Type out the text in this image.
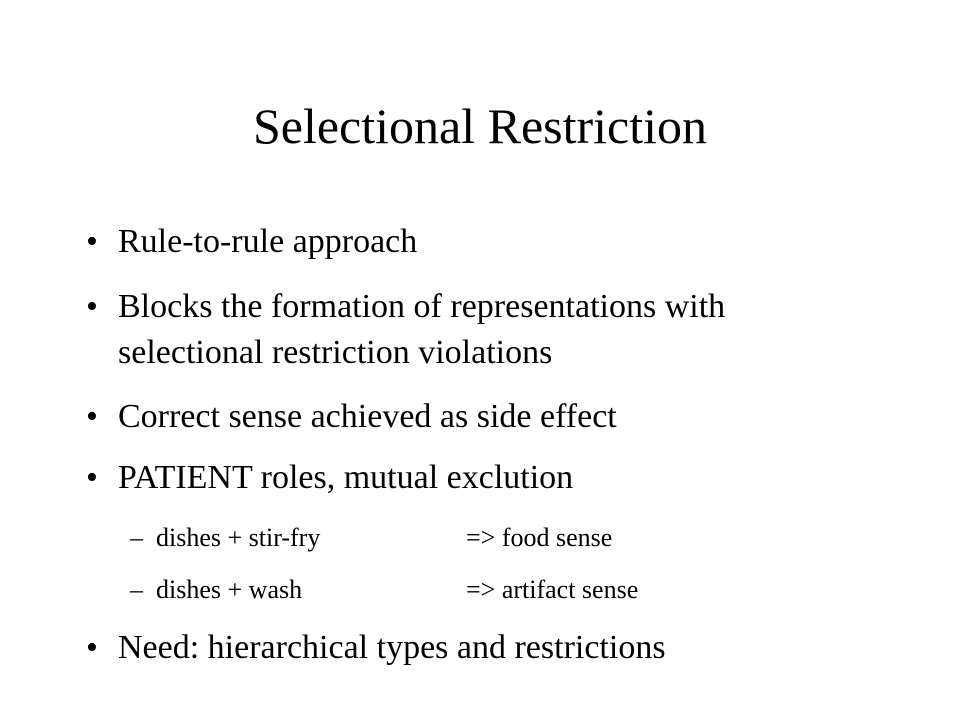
Selectional Restriction
• Rule-to-rule approach
• Blocks the formation of representations with
selectional restriction violations
• Correct sense achieved as side effect
• PATIENT roles, mutual exclution
– dishes + stir-fry	=> food sense
– dishes + wash	=> artifact sense
• Need: hierarchical types and restrictions
